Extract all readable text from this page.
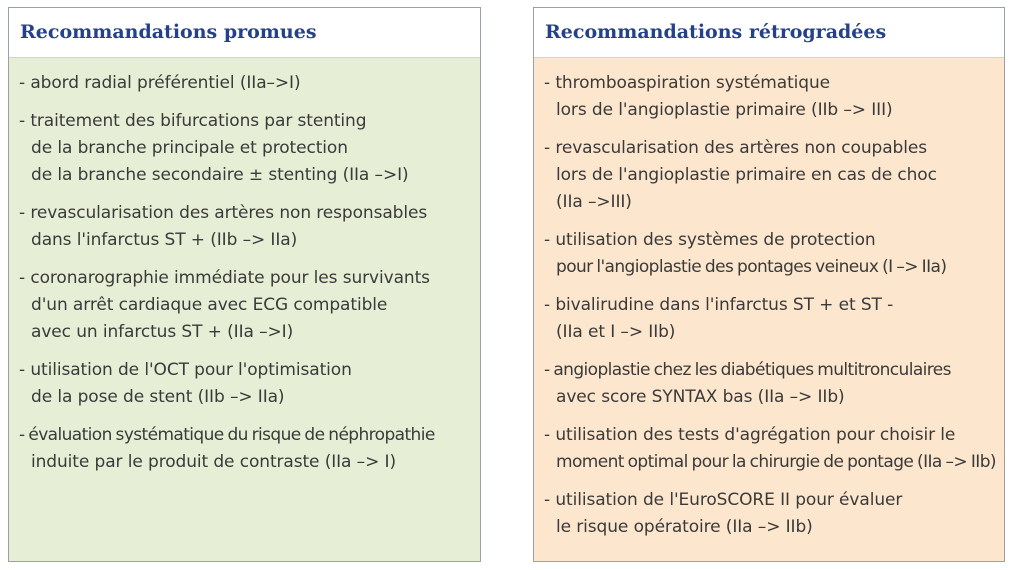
Recommandations promues
- abord radial préférentiel (IIa–>I)
- traitement des bifurcations par stenting
de la branche principale et protection
de la branche secondaire ± stenting (IIa –>I)
- revascularisation des artères non responsables
dans l'infarctus ST + (IIb –> IIa)
- coronarographie immédiate pour les survivants
d'un arrêt cardiaque avec ECG compatible
avec un infarctus ST + (IIa –>I)
- utilisation de l'OCT pour l'optimisation
de la pose de stent (IIb –> IIa)
- évaluation systématique du risque de néphropathie
induite par le produit de contraste (IIa –> I)
Recommandations rétrogradées
- thromboaspiration systématique
lors de l'angioplastie primaire (IIb –> III)
- revascularisation des artères non coupables
lors de l'angioplastie primaire en cas de choc
(IIa –>III)
- utilisation des systèmes de protection
pour l'angioplastie des pontages veineux (I –> IIa)
- bivalirudine dans l'infarctus ST + et ST -
(IIa et I –> IIb)
- angioplastie chez les diabétiques multitronculaires
avec score SYNTAX bas (IIa –> IIb)
- utilisation des tests d'agrégation pour choisir le
moment optimal pour la chirurgie de pontage (IIa –> IIb)
- utilisation de l'EuroSCORE II pour évaluer
le risque opératoire (IIa –> IIb)
